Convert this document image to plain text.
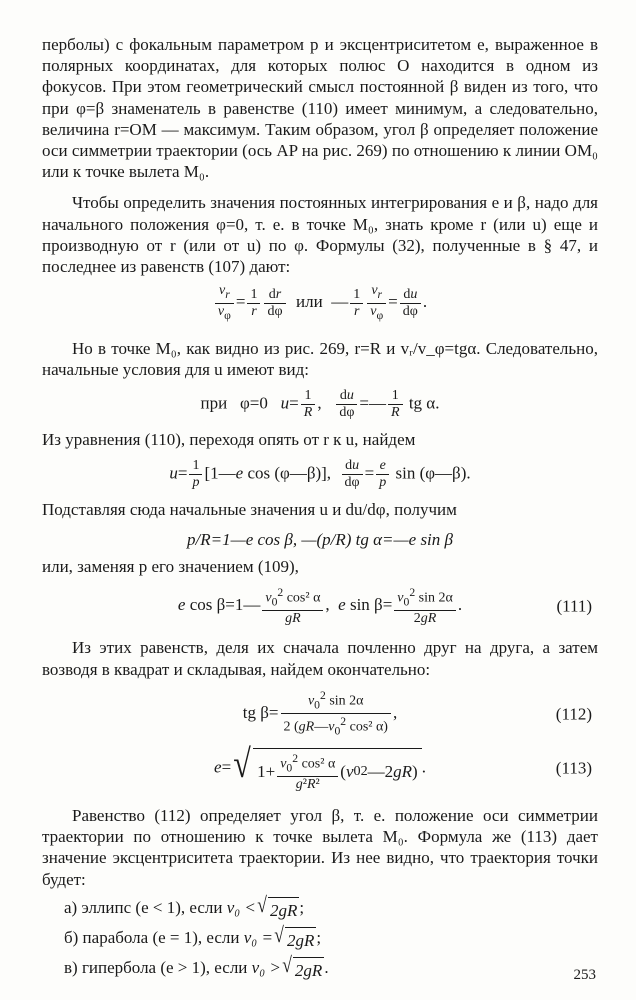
перболы) с фокальным параметром p и эксцентриситетом e, выраженное в полярных координатах, для которых полюс O находится в одном из фокусов. При этом геометрический смысл постоянной β виден из того, что при φ=β знаменатель в равенстве (110) имеет минимум, а следовательно, величина r=OM — максимум. Таким образом, угол β определяет положение оси симметрии траектории (ось AP на рис. 269) по отношению к линии OM₀ или к точке вылета M₀.

Чтобы определить значения постоянных интегрирования e и β, надо для начального положения φ=0, т. е. в точке M₀, знать кроме r (или u) еще и производную от r (или от u) по φ. Формулы (32), полученные в § 47, и последнее из равенств (107) дают:

$\frac{v_r}{v_\varphi} = \frac{1}{r} \frac{dr}{d\varphi}$ или  — $\frac{1}{r} \frac{v_r}{v_\varphi} = \frac{du}{d\varphi}$ .

Но в точке M₀, как видно из рис. 269, r=R и vᵣ/v_φ=tgα. Следовательно, начальные условия для u имеют вид:

при   φ=0   $u= \frac{1}{R}$ , $\frac{du}{d\varphi}$ =— $\frac{1}{R}$ tg α.

Из уравнения (110), переходя опять от r к u, найдем

$u= \frac{1}{p}$ [1—e cos (φ—β)], $\frac{du}{d\varphi} = \frac{e}{p}$ sin (φ—β).

Подставляя сюда начальные значения u и du/dφ, получим

p/R=1—e cos β, —(p/R) tg α=—e sin β

или, заменяя p его значением (109),

e cos β=1— $\frac{v_0^2 \cos^2 \alpha}{gR}$ ,  e $\sin \beta= \frac{v_0^2 \sin 2\alpha}{2gR}$ .	(111)

Из этих равенств, деля их сначала почленно друг на друга, а затем возводя в квадрат и складывая, найдем окончательно:

tg $\beta= \frac{v_0^2 \sin 2\alpha}{2 (gR—v_0^2 \cos^2 \alpha)}$ ,	(112)
e= √ $1+ \frac{v_0^2 \cos^2 \alpha}{\text{g²R²}}$ ( v 0 2 —2 gR ) .	(113)

Равенство (112) определяет угол β, т. е. положение оси симметрии траектории по отношению к точке вылета M₀. Формула же (113) дает значение эксцентриситета траектории. Из нее видно, что траектория точки будет:

а) эллипс (e < 1), если v₀ < √ 2gR ;
б) парабола (e = 1), если v₀ = √ 2gR ;
в) гипербола (e > 1), если v₀ > √ 2gR .	253
